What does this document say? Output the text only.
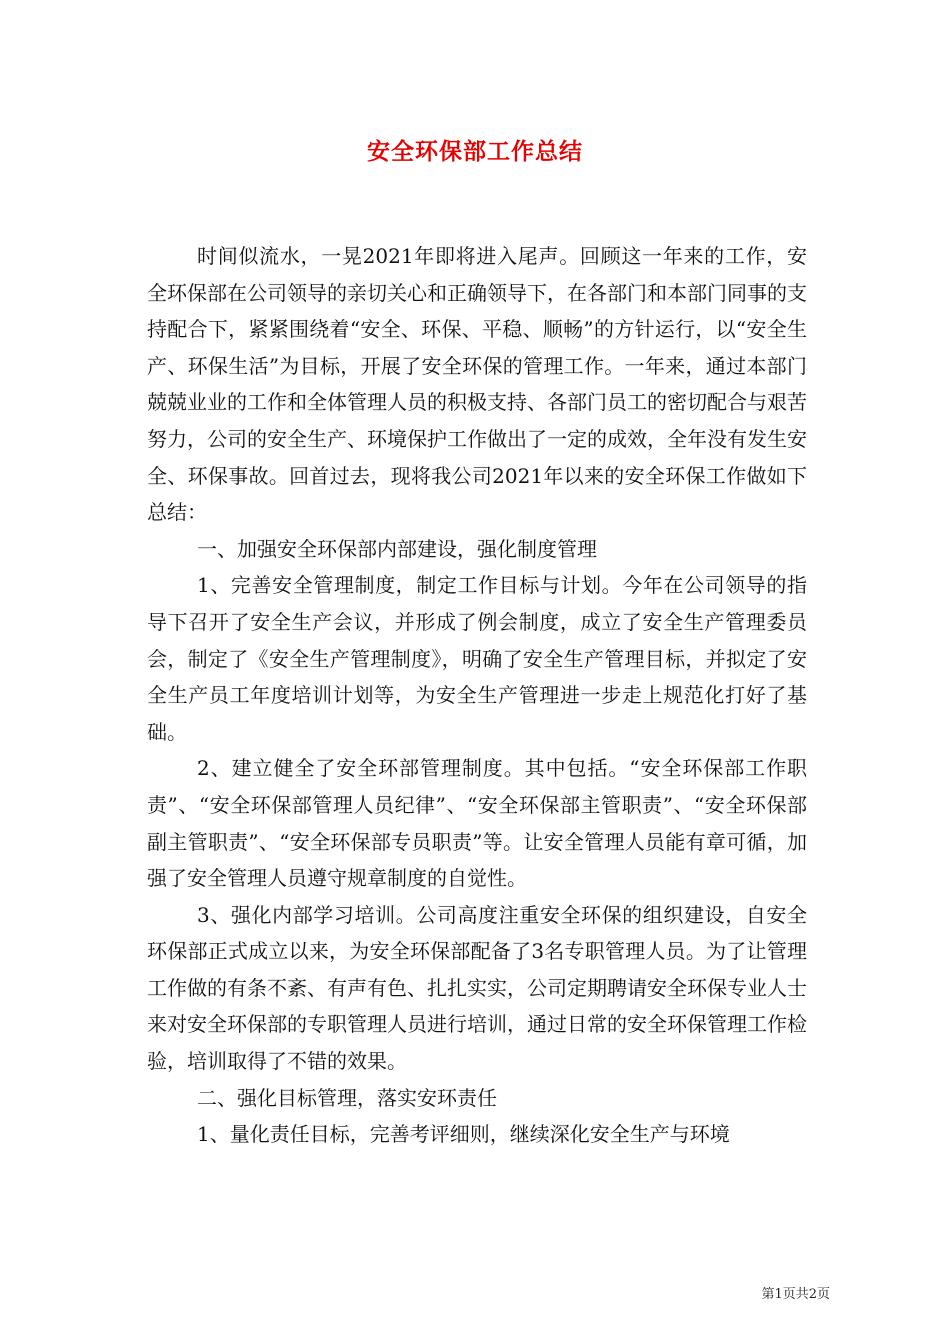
安全环保部工作总结

时间似流水，一晃2021年即将进入尾声。回顾这一年来的工作，安全环保部在公司领导的亲切关心和正确领导下，在各部门和本部门同事的支持配合下，紧紧围绕着“安全、环保、平稳、顺畅”的方针运行，以“安全生产、环保生活”为目标，开展了安全环保的管理工作。一年来，通过本部门兢兢业业的工作和全体管理人员的积极支持、各部门员工的密切配合与艰苦努力，公司的安全生产、环境保护工作做出了一定的成效，全年没有发生安全、环保事故。回首过去，现将我公司2021年以来的安全环保工作做如下总结：

一、加强安全环保部内部建设，强化制度管理

1、完善安全管理制度，制定工作目标与计划。今年在公司领导的指导下召开了安全生产会议，并形成了例会制度，成立了安全生产管理委员会，制定了《安全生产管理制度》，明确了安全生产管理目标，并拟定了安全生产员工年度培训计划等，为安全生产管理进一步走上规范化打好了基础。

2、建立健全了安全环部管理制度。其中包括。“安全环保部工作职责”、“安全环保部管理人员纪律”、“安全环保部主管职责”、“安全环保部副主管职责”、“安全环保部专员职责”等。让安全管理人员能有章可循，加强了安全管理人员遵守规章制度的自觉性。

3、强化内部学习培训。公司高度注重安全环保的组织建设，自安全环保部正式成立以来，为安全环保部配备了3名专职管理人员。为了让管理工作做的有条不紊、有声有色、扎扎实实，公司定期聘请安全环保专业人士来对安全环保部的专职管理人员进行培训，通过日常的安全环保管理工作检验，培训取得了不错的效果。

二、强化目标管理，落实安环责任

1、量化责任目标，完善考评细则，继续深化安全生产与环境

第1页共2页
